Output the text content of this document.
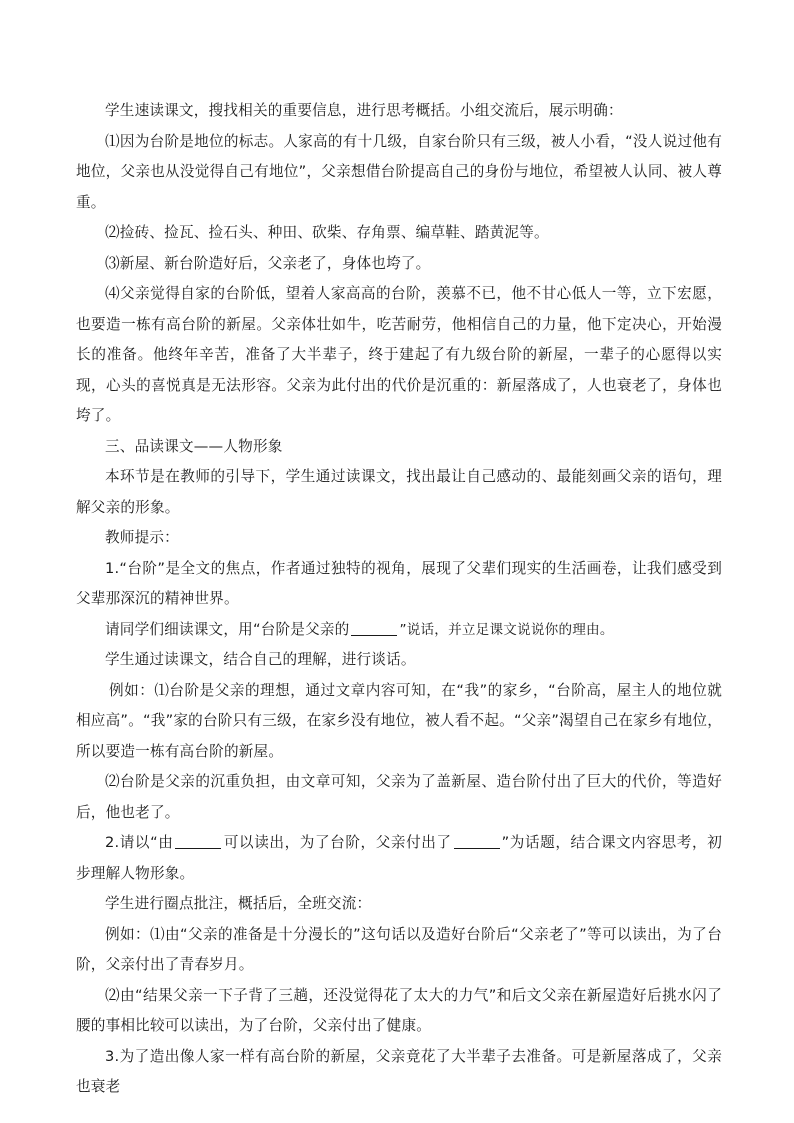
学生速读课文，搜找相关的重要信息，进行思考概括。小组交流后，展示明确：

⑴因为台阶是地位的标志。人家高的有十几级，自家台阶只有三级，被人小看，“没人说过他有地位，父亲也从没觉得自己有地位”，父亲想借台阶提高自己的身份与地位，希望被人认同、被人尊重。

⑵捡砖、捡瓦、捡石头、种田、砍柴、存角票、编草鞋、踏黄泥等。

⑶新屋、新台阶造好后，父亲老了，身体也垮了。

⑷父亲觉得自家的台阶低，望着人家高高的台阶，羡慕不已，他不甘心低人一等，立下宏愿，也要造一栋有高台阶的新屋。父亲体壮如牛，吃苦耐劳，他相信自己的力量，他下定决心，开始漫长的准备。他终年辛苦，准备了大半辈子，终于建起了有九级台阶的新屋，一辈子的心愿得以实现，心头的喜悦真是无法形容。父亲为此付出的代价是沉重的：新屋落成了，人也衰老了，身体也垮了。

三、品读课文——人物形象

本环节是在教师的引导下，学生通过读课文，找出最让自己感动的、最能刻画父亲的语句，理解父亲的形象。

教师提示：

1.“台阶”是全文的焦点，作者通过独特的视角，展现了父辈们现实的生活画卷，让我们感受到父辈那深沉的精神世界。

请同学们细读课文，用“台阶是父亲的	”说话，并立足课文说说你的理由。

学生通过读课文，结合自己的理解，进行谈话。

例如：⑴台阶是父亲的理想，通过文章内容可知，在“我”的家乡，“台阶高，屋主人的地位就相应高”。“我”家的台阶只有三级，在家乡没有地位，被人看不起。“父亲”渴望自己在家乡有地位，所以要造一栋有高台阶的新屋。

⑵台阶是父亲的沉重负担，由文章可知，父亲为了盖新屋、造台阶付出了巨大的代价，等造好后，他也老了。

2.请以“由	可以读出，为了台阶，父亲付出了	”为话题，结合课文内容思考，初步理解人物形象。

学生进行圈点批注，概括后，全班交流：

例如：⑴由“父亲的准备是十分漫长的”这句话以及造好台阶后“父亲老了”等可以读出，为了台阶，父亲付出了青春岁月。

⑵由“结果父亲一下子背了三趟，还没觉得花了太大的力气”和后文父亲在新屋造好后挑水闪了腰的事相比较可以读出，为了台阶，父亲付出了健康。

3.为了造出像人家一样有高台阶的新屋，父亲竟花了大半辈子去准备。可是新屋落成了，父亲也衰老
